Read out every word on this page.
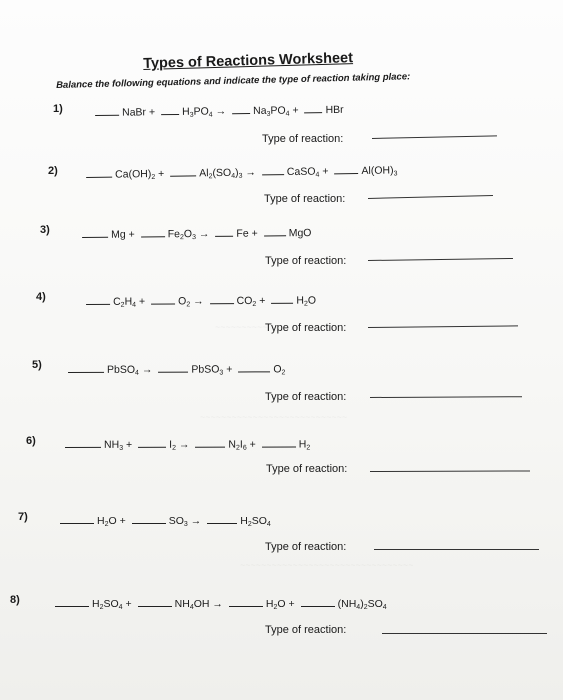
Types of Reactions Worksheet
Balance the following equations and indicate the type of reaction taking place:
1)	NaBr +	$H_3PO_4$ →	$Na_3PO_4$ +	HBr
Type of reaction:
2)	$Ca(OH)_2$ +	$Al_2(SO_4)_3$ →	CaSO$_4$ +	$Al(OH)_3$
Type of reaction:
3)	Mg +	$Fe_2O_3$ →	Fe +	MgO
Type of reaction:
4)	$C_2H_4$ +	$O_2$ →	$CO_2$ +	$H_2O$
Type of reaction:
5)	PbSO$_4$ →	PbSO$_3$ +	$O_2$
Type of reaction:
6)	$NH_3$ +	$I_2$ →	$N_2I_6$ +	$H_2$
Type of reaction:
7)	$H_2O$ +	$SO_3$ →	$H_2SO_4$
Type of reaction:
8)	$H_2SO_4$ +	$NH_4OH$ →	$H_2O$ +	$(NH_4)_2SO_4$
Type of reaction:
~~~~~~~~~~
~~~~~~~~~~~~~~~~~~~~~~~~~~~~
~~~~~~~~~~~~~~~~~~~~~~~~~~~~~~~~~
